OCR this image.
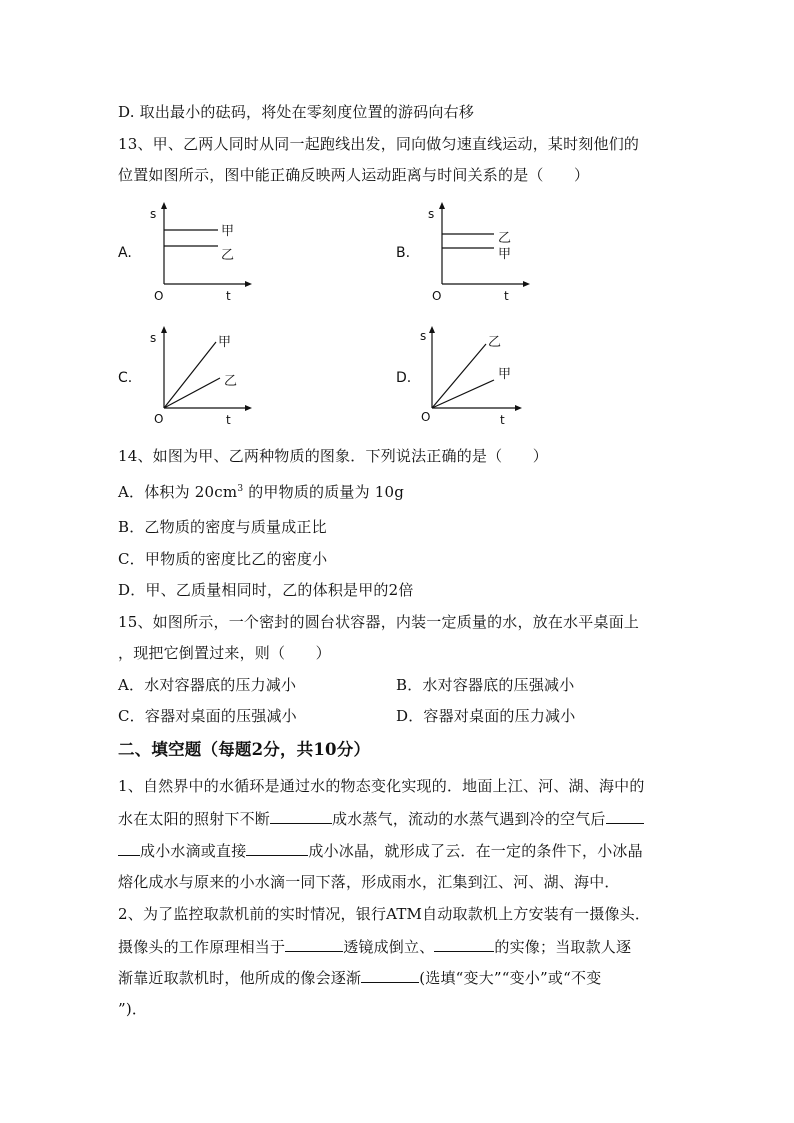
D. 取出最小的砝码，将处在零刻度位置的游码向右移
13、甲、乙两人同时从同一起跑线出发，同向做匀速直线运动，某时刻他们的
位置如图所示，图中能正确反映两人运动距离与时间关系的是（　　）
A.
s
t
O
甲
乙	B.
s
t
O
乙
甲
C.
s
t
O
甲
乙	D.
s
t
O
乙
甲
14、如图为甲、乙两种物质的图象．下列说法正确的是（　　）
A．体积为 $20cm^3$ 的甲物质的质量为 10g
B．乙物质的密度与质量成正比
C．甲物质的密度比乙的密度小
D．甲、乙质量相同时，乙的体积是甲的2倍
15、如图所示，一个密封的圆台状容器，内装一定质量的水，放在水平桌面上
，现把它倒置过来，则（　　）
A．水对容器底的压力减小	B．水对容器底的压强减小
C．容器对桌面的压强减小	D．容器对桌面的压力减小
二、填空题（每题2分，共10分）
1、自然界中的水循环是通过水的物态变化实现的．地面上江、河、湖、海中的
水在太阳的照射下不断	成水蒸气，流动的水蒸气遇到冷的空气后
成小水滴或直接	成小冰晶，就形成了云．在一定的条件下，小冰晶
熔化成水与原来的小水滴一同下落，形成雨水，汇集到江、河、湖、海中．
2、为了监控取款机前的实时情况，银行ATM自动取款机上方安装有一摄像头．
摄像头的工作原理相当于	透镜成倒立、	的实像；当取款人逐
渐靠近取款机时，他所成的像会逐渐	(选填“变大”“变小”或“不变
”)．
